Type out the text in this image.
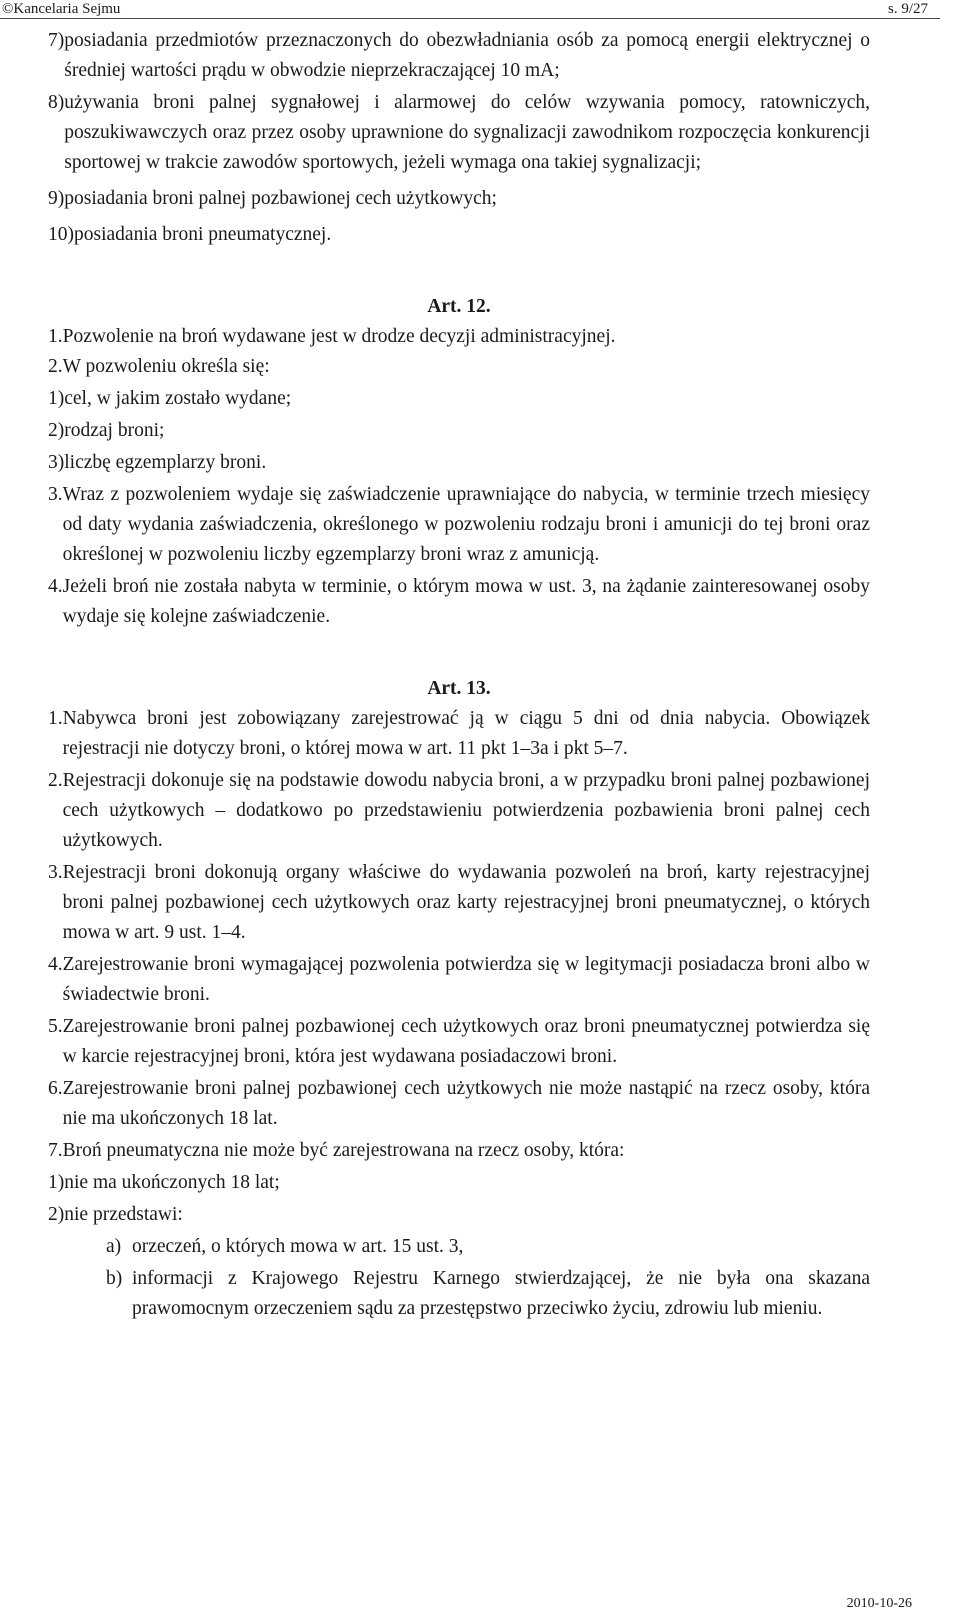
©Kancelaria Sejmu	s. 9/27
7) posiadania przedmiotów przeznaczonych do obezwładniania osób za pomocą energii elektrycznej o średniej wartości prądu w obwodzie nieprzekraczającej 10 mA;
8) używania broni palnej sygnałowej i alarmowej do celów wzywania pomocy, ratowniczych, poszukiwawczych oraz przez osoby uprawnione do sygnalizacji zawodnikom rozpoczęcia konkurencji sportowej w trakcie zawodów sportowych, jeżeli wymaga ona takiej sygnalizacji;
9) posiadania broni palnej pozbawionej cech użytkowych;
10) posiadania broni pneumatycznej.
Art. 12.
1. Pozwolenie na broń wydawane jest w drodze decyzji administracyjnej.
2. W pozwoleniu określa się:
1) cel, w jakim zostało wydane;
2) rodzaj broni;
3) liczbę egzemplarzy broni.
3. Wraz z pozwoleniem wydaje się zaświadczenie uprawniające do nabycia, w terminie trzech miesięcy od daty wydania zaświadczenia, określonego w pozwoleniu rodzaju broni i amunicji do tej broni oraz określonej w pozwoleniu liczby egzemplarzy broni wraz z amunicją.
4. Jeżeli broń nie została nabyta w terminie, o którym mowa w ust. 3, na żądanie zainteresowanej osoby wydaje się kolejne zaświadczenie.
Art. 13.
1. Nabywca broni jest zobowiązany zarejestrować ją w ciągu 5 dni od dnia nabycia. Obowiązek rejestracji nie dotyczy broni, o której mowa w art. 11 pkt 1–3a i pkt 5–7.
2. Rejestracji dokonuje się na podstawie dowodu nabycia broni, a w przypadku broni palnej pozbawionej cech użytkowych – dodatkowo po przedstawieniu potwierdzenia pozbawienia broni palnej cech użytkowych.
3. Rejestracji broni dokonują organy właściwe do wydawania pozwoleń na broń, karty rejestracyjnej broni palnej pozbawionej cech użytkowych oraz karty rejestracyjnej broni pneumatycznej, o których mowa w art. 9 ust. 1–4.
4. Zarejestrowanie broni wymagającej pozwolenia potwierdza się w legitymacji posiadacza broni albo w świadectwie broni.
5. Zarejestrowanie broni palnej pozbawionej cech użytkowych oraz broni pneumatycznej potwierdza się w karcie rejestracyjnej broni, która jest wydawana posiadaczowi broni.
6. Zarejestrowanie broni palnej pozbawionej cech użytkowych nie może nastąpić na rzecz osoby, która nie ma ukończonych 18 lat.
7. Broń pneumatyczna nie może być zarejestrowana na rzecz osoby, która:
1) nie ma ukończonych 18 lat;
2) nie przedstawi:
a) orzeczeń, o których mowa w art. 15 ust. 3,
b) informacji z Krajowego Rejestru Karnego stwierdzającej, że nie była ona skazana prawomocnym orzeczeniem sądu za przestępstwo przeciwko życiu, zdrowiu lub mieniu.
2010-10-26
